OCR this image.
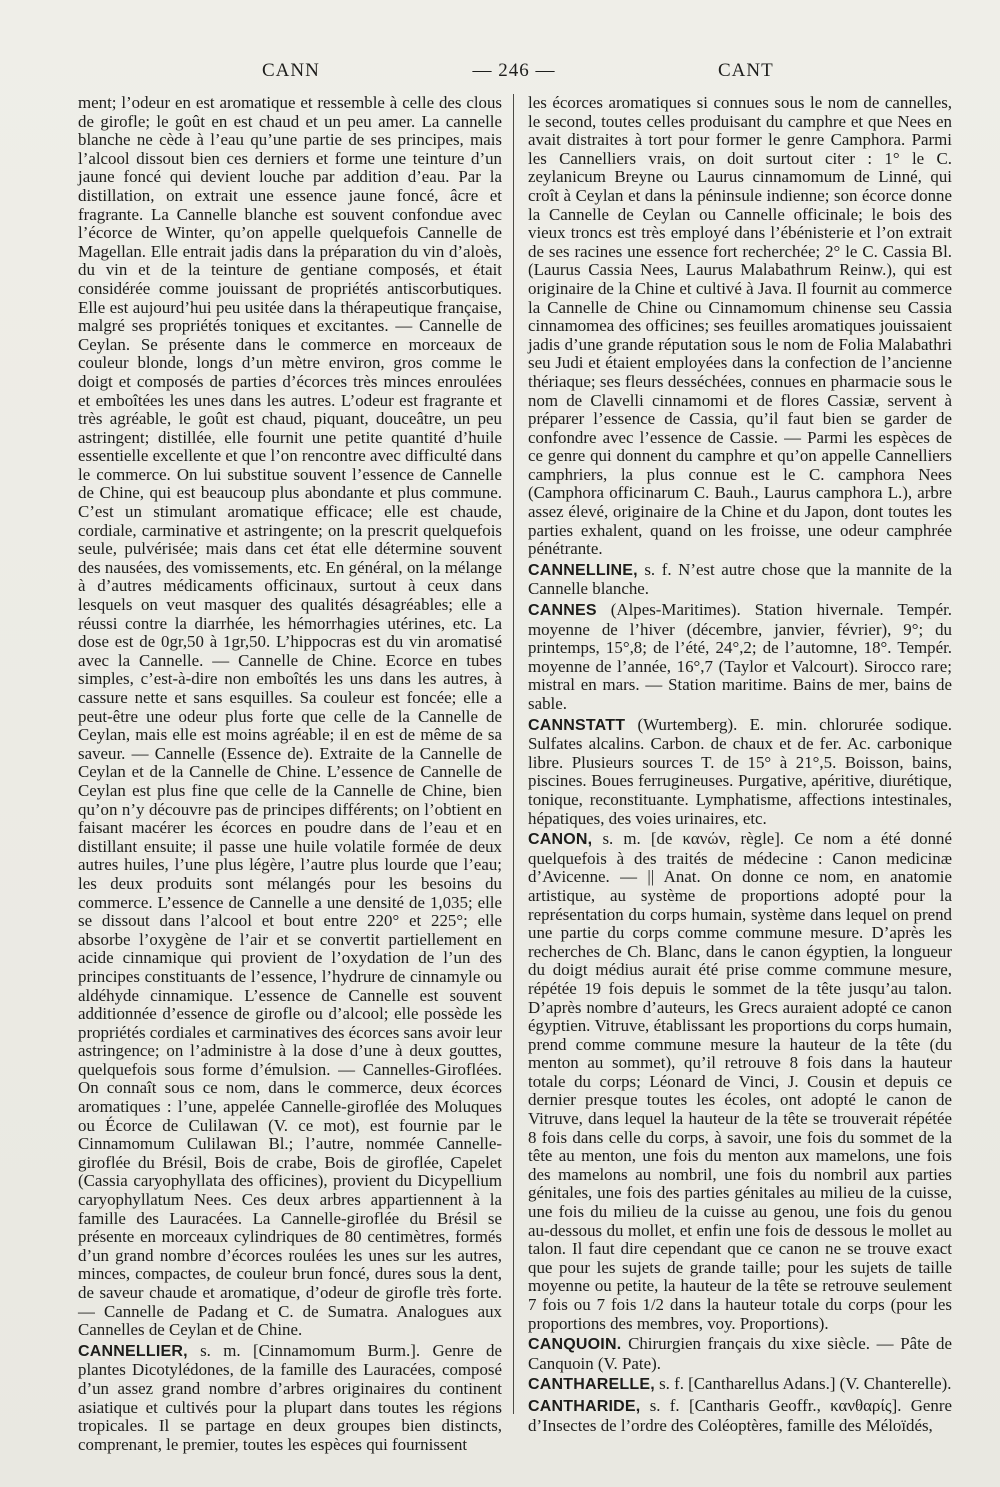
CANN	— 246 —	CANT

ment; l’odeur en est aromatique et ressemble à celle des clous de girofle; le goût en est chaud et un peu amer. La cannelle blanche ne cède à l’eau qu’une partie de ses principes, mais l’alcool dissout bien ces derniers et forme une teinture d’un jaune foncé qui devient louche par addition d’eau. Par la distillation, on extrait une essence jaune foncé, âcre et fragrante. La Cannelle blanche est souvent confondue avec l’écorce de Winter, qu’on appelle quelquefois Cannelle de Magellan. Elle entrait jadis dans la préparation du vin d’aloès, du vin et de la teinture de gentiane composés, et était considérée comme jouissant de propriétés antiscorbutiques. Elle est aujourd’hui peu usitée dans la thérapeutique française, malgré ses propriétés toniques et excitantes. — Cannelle de Ceylan. Se présente dans le commerce en morceaux de couleur blonde, longs d’un mètre environ, gros comme le doigt et composés de parties d’écorces très minces enroulées et emboîtées les unes dans les autres. L’odeur est fragrante et très agréable, le goût est chaud, piquant, douceâtre, un peu astringent; distillée, elle fournit une petite quantité d’huile essentielle excellente et que l’on rencontre avec difficulté dans le commerce. On lui substitue souvent l’essence de Cannelle de Chine, qui est beaucoup plus abondante et plus commune. C’est un stimulant aromatique efficace; elle est chaude, cordiale, carminative et astringente; on la prescrit quelquefois seule, pulvérisée; mais dans cet état elle détermine souvent des nausées, des vomissements, etc. En général, on la mélange à d’autres médicaments officinaux, surtout à ceux dans lesquels on veut masquer des qualités désagréables; elle a réussi contre la diarrhée, les hémorrhagies utérines, etc. La dose est de 0gr,50 à 1gr,50. L’hippocras est du vin aromatisé avec la Cannelle. — Cannelle de Chine. Ecorce en tubes simples, c’est-à-dire non emboîtés les uns dans les autres, à cassure nette et sans esquilles. Sa couleur est foncée; elle a peut-être une odeur plus forte que celle de la Cannelle de Ceylan, mais elle est moins agréable; il en est de même de sa saveur. — Cannelle (Essence de). Extraite de la Cannelle de Ceylan et de la Cannelle de Chine. L’essence de Cannelle de Ceylan est plus fine que celle de la Cannelle de Chine, bien qu’on n’y découvre pas de principes différents; on l’obtient en faisant macérer les écorces en poudre dans de l’eau et en distillant ensuite; il passe une huile volatile formée de deux autres huiles, l’une plus légère, l’autre plus lourde que l’eau; les deux produits sont mélangés pour les besoins du commerce. L’essence de Cannelle a une densité de 1,035; elle se dissout dans l’alcool et bout entre 220° et 225°; elle absorbe l’oxygène de l’air et se convertit partiellement en acide cinnamique qui provient de l’oxydation de l’un des principes constituants de l’essence, l’hydrure de cinnamyle ou aldéhyde cinnamique. L’essence de Cannelle est souvent additionnée d’essence de girofle ou d’alcool; elle possède les propriétés cordiales et carminatives des écorces sans avoir leur astringence; on l’administre à la dose d’une à deux gouttes, quelquefois sous forme d’émulsion. — Cannelles-Giroflées. On connaît sous ce nom, dans le commerce, deux écorces aromatiques : l’une, appelée Cannelle-giroflée des Moluques ou Écorce de Culilawan (V. ce mot), est fournie par le Cinnamomum Culilawan Bl.; l’autre, nommée Cannelle-giroflée du Brésil, Bois de crabe, Bois de giroflée, Capelet (Cassia caryophyllata des officines), provient du Dicypellium caryophyllatum Nees. Ces deux arbres appartiennent à la famille des Lauracées. La Cannelle-giroflée du Brésil se présente en morceaux cylindriques de 80 centimètres, formés d’un grand nombre d’écorces roulées les unes sur les autres, minces, compactes, de couleur brun foncé, dures sous la dent, de saveur chaude et aromatique, d’odeur de girofle très forte. — Cannelle de Padang et C. de Sumatra. Analogues aux Cannelles de Ceylan et de Chine.

CANNELLIER, s. m. [Cinnamomum Burm.]. Genre de plantes Dicotylédones, de la famille des Lauracées, composé d’un assez grand nombre d’arbres originaires du continent asiatique et cultivés pour la plupart dans toutes les régions tropicales. Il se partage en deux groupes bien distincts, comprenant, le premier, toutes les espèces qui fournissent

les écorces aromatiques si connues sous le nom de cannelles, le second, toutes celles produisant du camphre et que Nees en avait distraites à tort pour former le genre Camphora. Parmi les Cannelliers vrais, on doit surtout citer : 1° le C. zeylanicum Breyne ou Laurus cinnamomum de Linné, qui croît à Ceylan et dans la péninsule indienne; son écorce donne la Cannelle de Ceylan ou Cannelle officinale; le bois des vieux troncs est très employé dans l’ébénisterie et l’on extrait de ses racines une essence fort recherchée; 2° le C. Cassia Bl. (Laurus Cassia Nees, Laurus Malabathrum Reinw.), qui est originaire de la Chine et cultivé à Java. Il fournit au commerce la Cannelle de Chine ou Cinnamomum chinense seu Cassia cinnamomea des officines; ses feuilles aromatiques jouissaient jadis d’une grande réputation sous le nom de Folia Malabathri seu Judi et étaient employées dans la confection de l’ancienne thériaque; ses fleurs desséchées, connues en pharmacie sous le nom de Clavelli cinnamomi et de flores Cassiæ, servent à préparer l’essence de Cassia, qu’il faut bien se garder de confondre avec l’essence de Cassie. — Parmi les espèces de ce genre qui donnent du camphre et qu’on appelle Cannelliers camphriers, la plus connue est le C. camphora Nees (Camphora officinarum C. Bauh., Laurus camphora L.), arbre assez élevé, originaire de la Chine et du Japon, dont toutes les parties exhalent, quand on les froisse, une odeur camphrée pénétrante.

CANNELLINE, s. f. N’est autre chose que la mannite de la Cannelle blanche.

CANNES (Alpes-Maritimes). Station hivernale. Tempér. moyenne de l’hiver (décembre, janvier, février), 9°; du printemps, 15°,8; de l’été, 24°,2; de l’automne, 18°. Tempér. moyenne de l’année, 16°,7 (Taylor et Valcourt). Sirocco rare; mistral en mars. — Station maritime. Bains de mer, bains de sable.

CANNSTATT (Wurtemberg). E. min. chlorurée sodique. Sulfates alcalins. Carbon. de chaux et de fer. Ac. carbonique libre. Plusieurs sources T. de 15° à 21°,5. Boisson, bains, piscines. Boues ferrugineuses. Purgative, apéritive, diurétique, tonique, reconstituante. Lymphatisme, affections intestinales, hépatiques, des voies urinaires, etc.

CANON, s. m. [de κανών, règle]. Ce nom a été donné quelquefois à des traités de médecine : Canon medicinæ d’Avicenne. — || Anat. On donne ce nom, en anatomie artistique, au système de proportions adopté pour la représentation du corps humain, système dans lequel on prend une partie du corps comme commune mesure. D’après les recherches de Ch. Blanc, dans le canon égyptien, la longueur du doigt médius aurait été prise comme commune mesure, répétée 19 fois depuis le sommet de la tête jusqu’au talon. D’après nombre d’auteurs, les Grecs auraient adopté ce canon égyptien. Vitruve, établissant les proportions du corps humain, prend comme commune mesure la hauteur de la tête (du menton au sommet), qu’il retrouve 8 fois dans la hauteur totale du corps; Léonard de Vinci, J. Cousin et depuis ce dernier presque toutes les écoles, ont adopté le canon de Vitruve, dans lequel la hauteur de la tête se trouverait répétée 8 fois dans celle du corps, à savoir, une fois du sommet de la tête au menton, une fois du menton aux mamelons, une fois des mamelons au nombril, une fois du nombril aux parties génitales, une fois des parties génitales au milieu de la cuisse, une fois du milieu de la cuisse au genou, une fois du genou au-dessous du mollet, et enfin une fois de dessous le mollet au talon. Il faut dire cependant que ce canon ne se trouve exact que pour les sujets de grande taille; pour les sujets de taille moyenne ou petite, la hauteur de la tête se retrouve seulement 7 fois ou 7 fois 1/2 dans la hauteur totale du corps (pour les proportions des membres, voy. Proportions).

CANQUOIN. Chirurgien français du xixe siècle. — Pâte de Canquoin (V. Pate).

CANTHARELLE, s. f. [Cantharellus Adans.] (V. Chanterelle).

CANTHARIDE, s. f. [Cantharis Geoffr., κανθαρίς]. Genre d’Insectes de l’ordre des Coléoptères, famille des Méloïdés,
